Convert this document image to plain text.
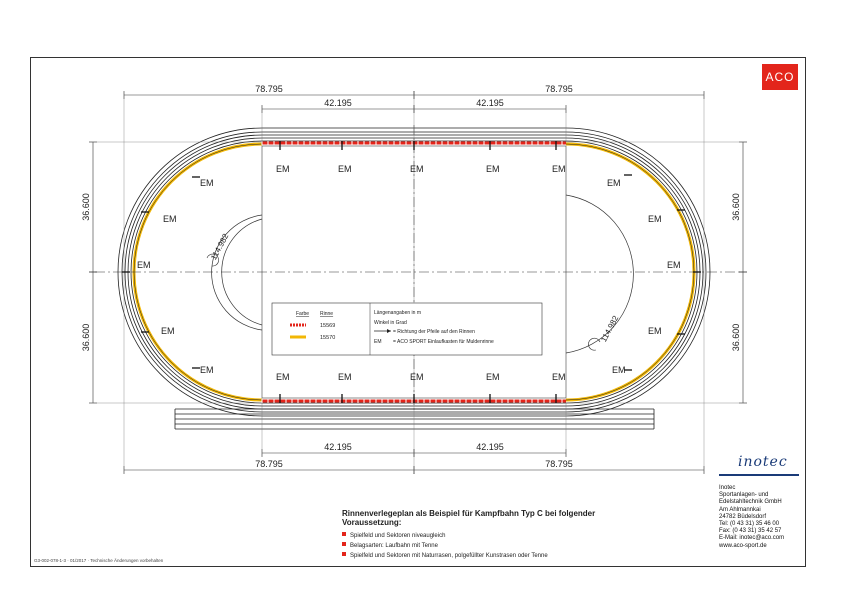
78.795	78.795
42.195	42.195
42.195	42.195
78.795	78.795
36.600
36.600
36.600
36.600
114.982
114.982
EM
EM
EM
EM
EM
EM
EM
EM
EM
EM
EM
EM
EM
EM
EM
EM
EM
EM
EM
EM
Farbe Rinne
15569
15570
Längenangaben in m
Winkel in Grad
= Richtung der Pfeile auf den Rinnen
EM = ACO SPORT Einlaufkasten für Muldenrinne
ACO
inotec
Inotec
Sportanlagen- und
Edelstahltechnik GmbH
Am Ahlmannkai
24782 Büdelsdorf
Tel: (0 43 31) 35 46 00
Fax: (0 43 31) 35 42 57
E-Mail: inotec@aco.com
www.aco-sport.de
Rinnenverlegeplan als Beispiel für Kampfbahn Typ C bei folgender
Voraussetzung:
Spielfeld und Sektoren niveaugleich
Belagsarten: Laufbahn mit Tenne
Spielfeld und Sektoren mit Naturrasen, polgefüllter Kunstrasen oder Tenne
G3-002-078-1-3 · 01/2017 · Technische Änderungen vorbehalten
